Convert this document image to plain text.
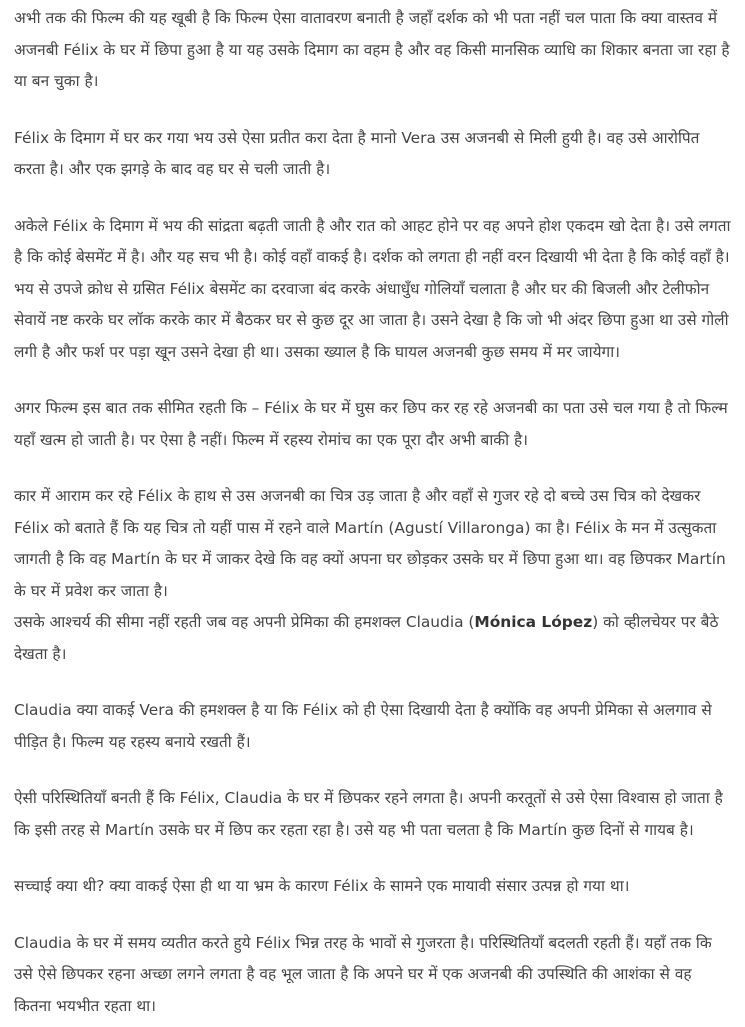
अभी तक की फिल्म की यह खूबी है कि फिल्म ऐसा वातावरण बनाती है जहाँ दर्शक को भी पता नहीं चल पाता कि क्या वास्तव में अजनबी Félix के घर में छिपा हुआ है या यह उसके दिमाग का वहम है और वह किसी मानसिक व्याधि का शिकार बनता जा रहा है या बन चुका है।

Félix के दिमाग में घर कर गया भय उसे ऐसा प्रतीत करा देता है मानो Vera उस अजनबी से मिली हुयी है। वह उसे आरोपित करता है। और एक झगड़े के बाद वह घर से चली जाती है।

अकेले Félix के दिमाग में भय की सांद्रता बढ़ती जाती है और रात को आहट होने पर वह अपने होश एकदम खो देता है। उसे लगता है कि कोई बेसमेंट में है। और यह सच भी है। कोई वहाँ वाकई है। दर्शक को लगता ही नहीं वरन दिखायी भी देता है कि कोई वहाँ है। भय से उपजे क्रोध से ग्रसित Félix बेसमेंट का दरवाजा बंद करके अंधाधुँध गोलियाँ चलाता है और घर की बिजली और टेलीफोन सेवायें नष्ट करके घर लॉक करके कार में बैठकर घर से कुछ दूर आ जाता है। उसने देखा है कि जो भी अंदर छिपा हुआ था उसे गोली लगी है और फर्श पर पड़ा खून उसने देखा ही था। उसका ख्याल है कि घायल अजनबी कुछ समय में मर जायेगा।

अगर फिल्म इस बात तक सीमित रहती कि – Félix के घर में घुस कर छिप कर रह रहे अजनबी का पता उसे चल गया है तो फिल्म यहाँ खत्म हो जाती है। पर ऐसा है नहीं। फिल्म में रहस्य रोमांच का एक पूरा दौर अभी बाकी है।

कार में आराम कर रहे Félix के हाथ से उस अजनबी का चित्र उड़ जाता है और वहाँ से गुजर रहे दो बच्चे उस चित्र को देखकर Félix को बताते हैं कि यह चित्र तो यहीं पास में रहने वाले Martín (Agustí Villaronga) का है। Félix के मन में उत्सुकता जागती है कि वह Martín के घर में जाकर देखे कि वह क्यों अपना घर छोड़कर उसके घर में छिपा हुआ था। वह छिपकर Martín के घर में प्रवेश कर जाता है।

उसके आश्चर्य की सीमा नहीं रहती जब वह अपनी प्रेमिका की हमशक्ल Claudia (Mónica López) को व्हीलचेयर पर बैठे देखता है।

Claudia क्या वाकई Vera की हमशक्ल है या कि Félix को ही ऐसा दिखायी देता है क्योंकि वह अपनी प्रेमिका से अलगाव से पीड़ित है। फिल्म यह रहस्य बनाये रखती हैं।

ऐसी परिस्थितियाँ बनती हैं कि Félix, Claudia के घर में छिपकर रहने लगता है। अपनी करतूतों से उसे ऐसा विश्वास हो जाता है कि इसी तरह से Martín उसके घर में छिप कर रहता रहा है। उसे यह भी पता चलता है कि Martín कुछ दिनों से गायब है।

सच्चाई क्या थी? क्या वाकई ऐसा ही था या भ्रम के कारण Félix के सामने एक मायावी संसार उत्पन्न हो गया था।

Claudia के घर में समय व्यतीत करते हुये Félix भिन्न तरह के भावों से गुजरता है। परिस्थितियाँ बदलती रहती हैं। यहाँ तक कि उसे ऐसे छिपकर रहना अच्छा लगने लगता है वह भूल जाता है कि अपने घर में एक अजनबी की उपस्थिति की आशंका से वह कितना भयभीत रहता था।
